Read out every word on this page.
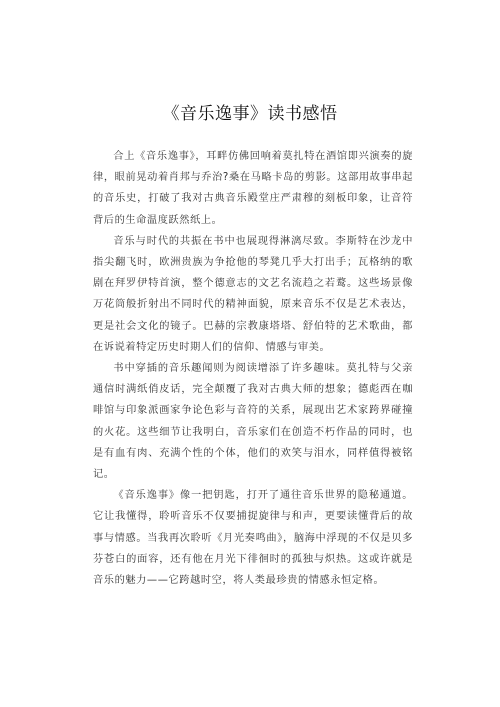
《音乐逸事》读书感悟

合上《音乐逸事》，耳畔仿佛回响着莫扎特在酒馆即兴演奏的旋律，眼前晃动着肖邦与乔治?桑在马略卡岛的剪影。这部用故事串起的音乐史，打破了我对古典音乐殿堂庄严肃穆的刻板印象，让音符背后的生命温度跃然纸上。

音乐与时代的共振在书中也展现得淋漓尽致。李斯特在沙龙中指尖翻飞时，欧洲贵族为争抢他的琴凳几乎大打出手；瓦格纳的歌剧在拜罗伊特首演，整个德意志的文艺名流趋之若鹜。这些场景像万花筒般折射出不同时代的精神面貌，原来音乐不仅是艺术表达，更是社会文化的镜子。巴赫的宗教康塔塔、舒伯特的艺术歌曲，都在诉说着特定历史时期人们的信仰、情感与审美。

书中穿插的音乐趣闻则为阅读增添了许多趣味。莫扎特与父亲通信时满纸俏皮话，完全颠覆了我对古典大师的想象；德彪西在咖啡馆与印象派画家争论色彩与音符的关系，展现出艺术家跨界碰撞的火花。这些细节让我明白，音乐家们在创造不朽作品的同时，也是有血有肉、充满个性的个体，他们的欢笑与泪水，同样值得被铭记。

《音乐逸事》像一把钥匙，打开了通往音乐世界的隐秘通道。它让我懂得，聆听音乐不仅要捕捉旋律与和声，更要读懂背后的故事与情感。当我再次聆听《月光奏鸣曲》，脑海中浮现的不仅是贝多芬苍白的面容，还有他在月光下徘徊时的孤独与炽热。这或许就是音乐的魅力——它跨越时空，将人类最珍贵的情感永恒定格。
